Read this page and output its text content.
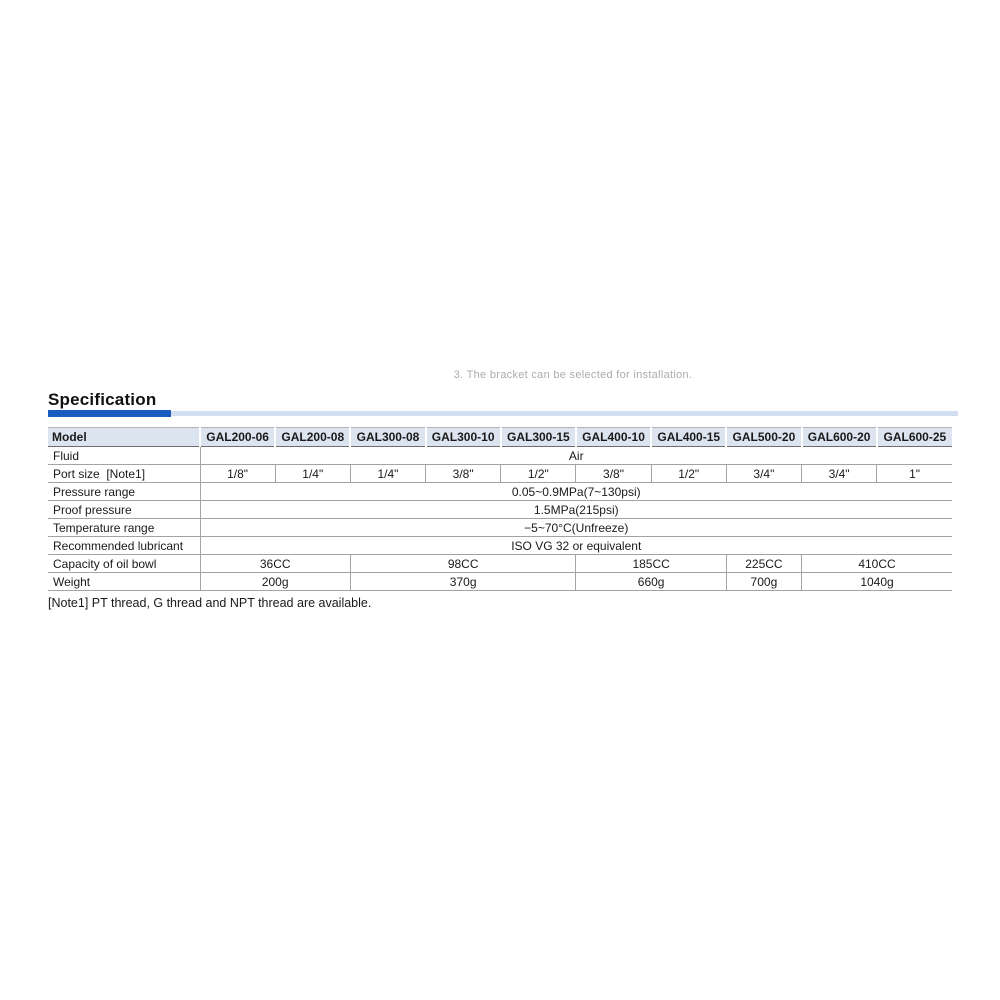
3. The bracket can be selected for installation.
Specification
Model	GAL200-06	GAL200-08	GAL300-08	GAL300-10	GAL300-15	GAL400-10	GAL400-15	GAL500-20	GAL600-20	GAL600-25
Fluid	Air									
Port size  [Note1]	1/8"	1/4"	1/4"	3/8"	1/2"	3/8"	1/2"	3/4"	3/4"	1"
Pressure range	0.05~0.9MPa(7~130psi)									
Proof pressure	1.5MPa(215psi)									
Temperature range	−5~70°C(Unfreeze)									
Recommended lubricant	ISO VG 32 or equivalent									
Capacity of oil bowl	36CC		98CC			185CC		225CC	410CC	
Weight	200g		370g			660g		700g	1040g	
[Note1] PT thread, G thread and NPT thread are available.
